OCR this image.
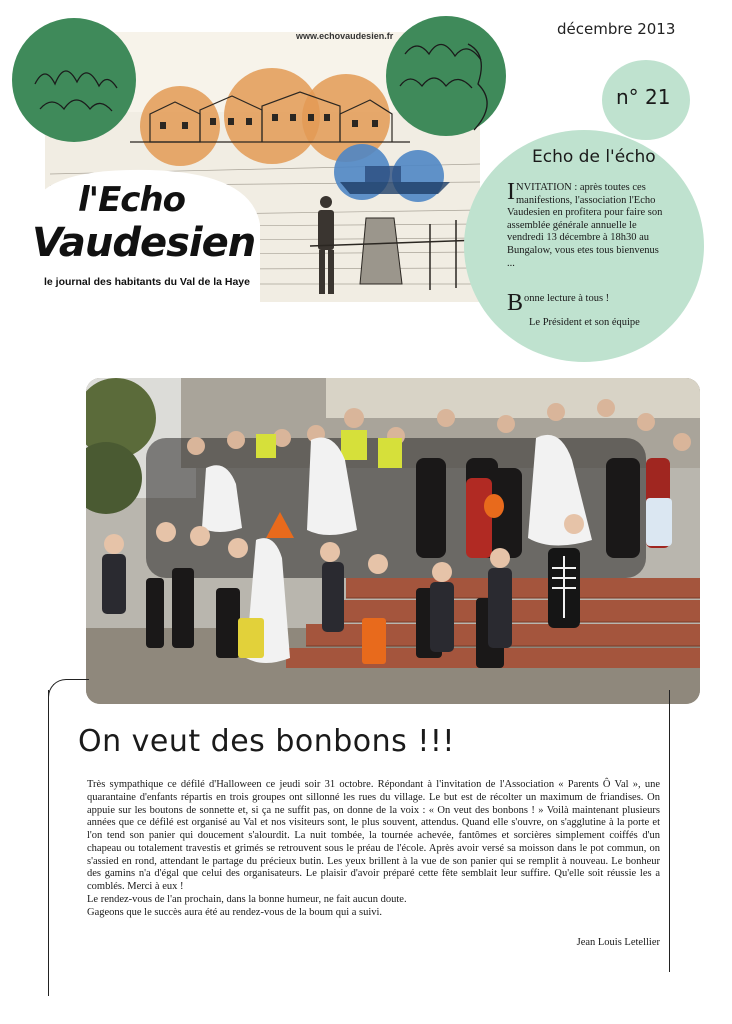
www.echovaudesien.fr
l'Echo
Vaudesien
le journal des habitants du Val de la Haye
décembre 2013
n° 21
Echo de l'écho
INVITATION : après toutes ces manifestions, l'association l'Echo Vaudesien en profitera pour faire son assemblée générale annuelle le vendredi 13 décembre à 18h30 au Bungalow, vous etes tous bienvenus ...
Bonne lecture à tous !
Le Président et son équipe
On veut des bonbons !!!

Très sympathique ce défilé d'Halloween ce jeudi soir 31 octobre. Répondant à l'invitation de l'Association « Parents Ô Val », une quarantaine d'enfants répartis en trois groupes ont sillonné les rues du village. Le but est de récolter un maximum de friandises. On appuie sur les boutons de sonnette et, si ça ne suffit pas, on donne de la voix : « On veut des bonbons ! » Voilà maintenant plusieurs années que ce défilé est organisé au Val et nos visiteurs sont, le plus souvent, attendus. Quand elle s'ouvre, on s'agglutine à la porte et l'on tend son panier qui doucement s'alourdit. La nuit tombée, la tournée achevée, fantômes et sorcières simplement coiffés d'un chapeau ou totalement travestis et grimés se retrouvent sous le préau de l'école. Après avoir versé sa moisson dans le pot commun, on s'assied en rond, attendant le partage du précieux butin. Les yeux brillent à la vue de son panier qui se remplit à nouveau. Le bonheur des gamins n'a d'égal que celui des organisateurs. Le plaisir d'avoir préparé cette fête semblait leur suffire. Qu'elle soit réussie les a comblés. Merci à eux !

Le rendez-vous de l'an prochain, dans la bonne humeur, ne fait aucun doute.

Gageons que le succès aura été au rendez-vous de la boum qui a suivi.

Jean Louis Letellier
